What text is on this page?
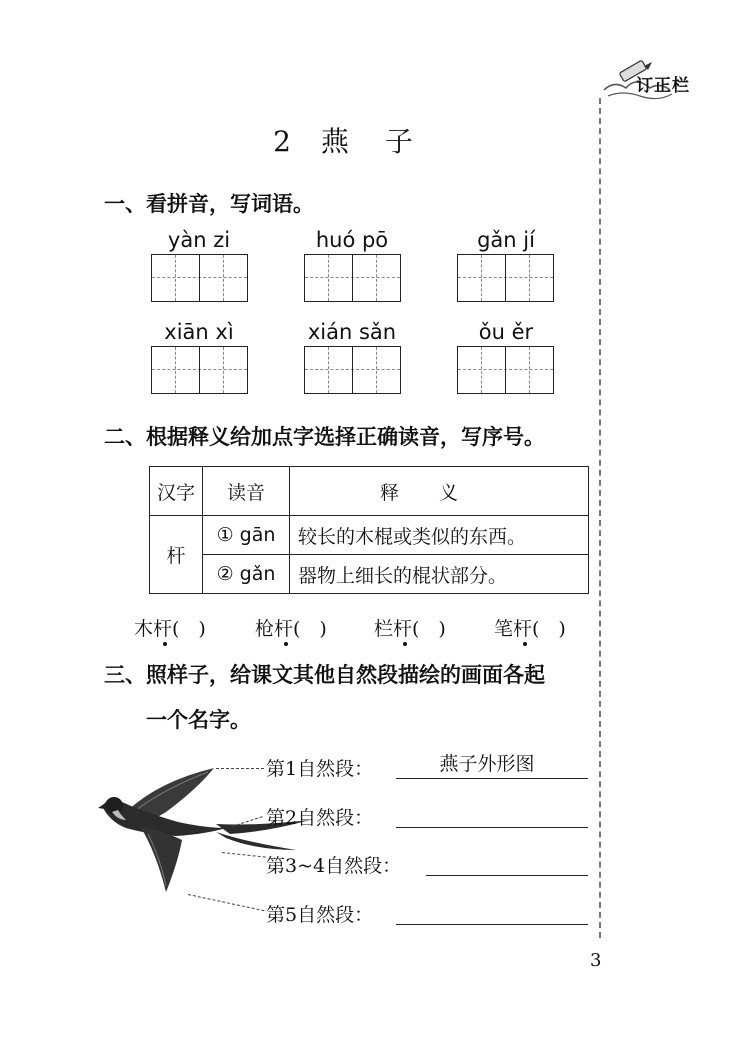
订正栏
2 燕 子
一、看拼音，写词语。
yàn zi	huó pō	gǎn jí
xiān xì	xián sǎn	ǒu ěr
二、根据释义给加点字选择正确读音，写序号。
汉字	读音	释义
杆	① gān	较长的木棍或类似的东西。
	② gǎn	器物上细长的棍状部分。
木杆(　)	枪杆(　) 栏杆(　)	笔杆(　)
三、照样子，给课文其他自然段描绘的画面各起
一个名字。
第1自然段：	燕子外形图
第2自然段：
第3~4自然段：
第5自然段：
3
